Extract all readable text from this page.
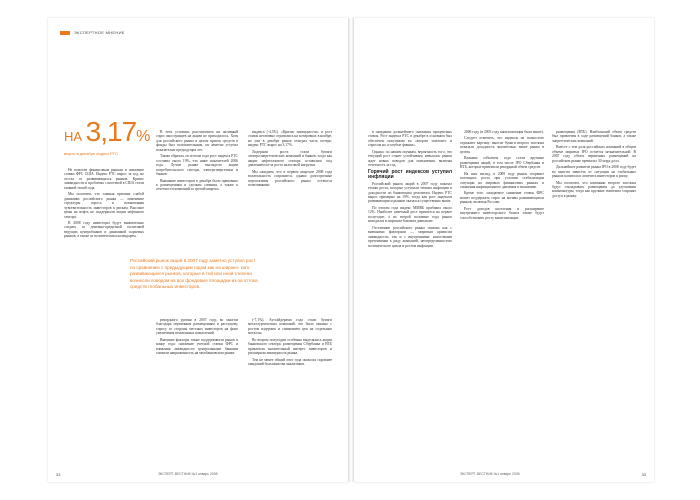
ЭКСПЕРТНОЕ МНЕНИЕ
НА 3,17%
вырос в декабре индекс РТС

Не помогли финансовым рынкам и снижение ставки ФРС США. Индекс РТС вырос за год, но отстал от развивающихся рынков. Кризис ликвидности и проблемы с ипотекой в США стали главной темой года.

Мы полагаем, что главная причина слабой динамики российского рынка — изменение структуры спроса и повышенная чувствительность инвесторов к рискам. Высокие цены на нефть не поддержали акции нефтяного сектора.

В 2008 году инвесторы будут внимательно следить за денежно-кредитной политикой ведущих центробанков и динамикой сырьевых рынков, а также за политическим календарем.

В этих условиях рассчитывать на активный спрос иностранцев на акции не приходилось. Хотя для российского рынка в целом приток средств в фонды был положительным, он заметно уступал показателям предыдущих лет.

Таким образом, по итогам года рост индекса РТС составил около 19%, что ниже показателей 2006 года. Лучше рынка выглядели акции потребительского сектора, электроэнергетики и банков.

Внимание инвесторов в декабре было приковано к размещениям и сделкам слияния, а также к отчетности компаний за третий квартал.

индекса (-4,5%). «Кризис ликвидности» и рост ставок негативно отразились на котировках в ноябре, но уже в декабре рынок отыграл часть потерь: индекс РТС вырос на 3,17%.

Лидерами роста стали бумаги электроэнергетических компаний и банков, тогда как акции нефтегазового сектора оставались под давлением из-за роста налоговой нагрузки.

Мы ожидаем, что в первом квартале 2008 года волатильность сохранится, однако долгосрочные перспективы российского рынка остаются позитивными.

Российский рынок акций в 2007 году заметно уступил рост по сравнению с предыдущим годом как на широко- кого развивающихся рынков, которые в той или иной степени вознесли поводом на все фондовые площадки из-за оттока средств глобальных инвесторов.

рекордного уровня в 2007 году, во многом благодаря первичным размещениям и растущему спросу со стороны местных инвесторов на фоне увеличения пенсионных накоплений.

Внешние факторы также поддерживали рынок в конце года: снижение учетной ставки ФРС и вливания ликвидности центральными банками снизили напряженность на межбанковском рынке.

(-7,1%). Аутсайдерами года стали бумаги металлургических компаний, что было связано с ростом издержек и снижением цен на отдельные металлы.

Во втором полугодии особенно выделялись акции банковского сектора: размещения Сбербанка и ВТБ привлекли значительный интерес инвесторов и расширили ликвидность рынка.

Тем не менее общий итог года оказался скромнее ожиданий большинства аналитиков.

33	ЭКСПЕРТ-ВЕСТНИК №1 январь 2008

в ожидании дальнейшего снижения процентных ставок. Рост индекса РТС в декабре в основном был обеспечен покупками во «втором эшелоне» и спросом на «голубые фишки».

Однако, по нашим оценкам, вероятность того, что текущий рост станет устойчивым, невысока: рынок ждет новых поводов для повышения, включая отчетность за год.

Горячий рост индексов уступил инфляции

Российский рынок акций в 2007 году показал темпы роста, которые уступили темпам инфляции и доходности по банковским депозитам. Индекс РТС вырос примерно на 19%, тогда как рост индексов развивающихся рынков оказался существенно выше.

По итогам года индекс ММВБ прибавил около 12%. Наиболее заметный рост пришелся на первое полугодие, а во второй половине года рынок находился в широком боковом диапазоне.

Отставание российского рынка связано как с внешними факторами — мировым кризисом ликвидности, так и с внутренними: налоговыми претензиями к ряду компаний, неопределенностью политического цикла и ростом инфляции.

2006 году (в 2005 году капитализация была выше).

Следует отметить, что индексы не полностью отражают картину: многие бумаги второго эшелона показали доходность значительно выше рынка в целом.

Важным событием года стали крупные размещения акций, в том числе IPO Сбербанка и ВТБ, которые привлекли рекордный объем средств.

На наш взгляд, в 2008 году рынок сохранит потенциал роста при условии стабилизации ситуации на мировых финансовых рынках и снижения инфляционного давления в экономике.

Кроме того, ожидаемое снижение ставок ФРС может поддержать спрос на активы развивающихся рынков, включая Россию.

Рост доходов населения и расширение внутреннего инвесторского базиса также будут способствовать росту капитализации.

размещения (ВТБ). Наибольший объем средств был привлечен в ходе размещений банков, а также энергетических компаний.

Вместе с тем доля российских компаний в общем объеме мировых IPO остается незначительной. В 2007 году объем первичных размещений на российском рынке превысил 30 млрд долл.

Дальнейшее развитие рынка IPO в 2008 году будет во многом зависеть от ситуации на глобальных рынках капитала и аппетита инвесторов к риску.

Мы полагаем, что компании второго эшелона будут откладывать размещения до улучшения конъюнктуры, тогда как крупные эмитенты сохранят доступ к рынку.

ЭКСПЕРТ-ВЕСТНИК №1 январь 2008	33
